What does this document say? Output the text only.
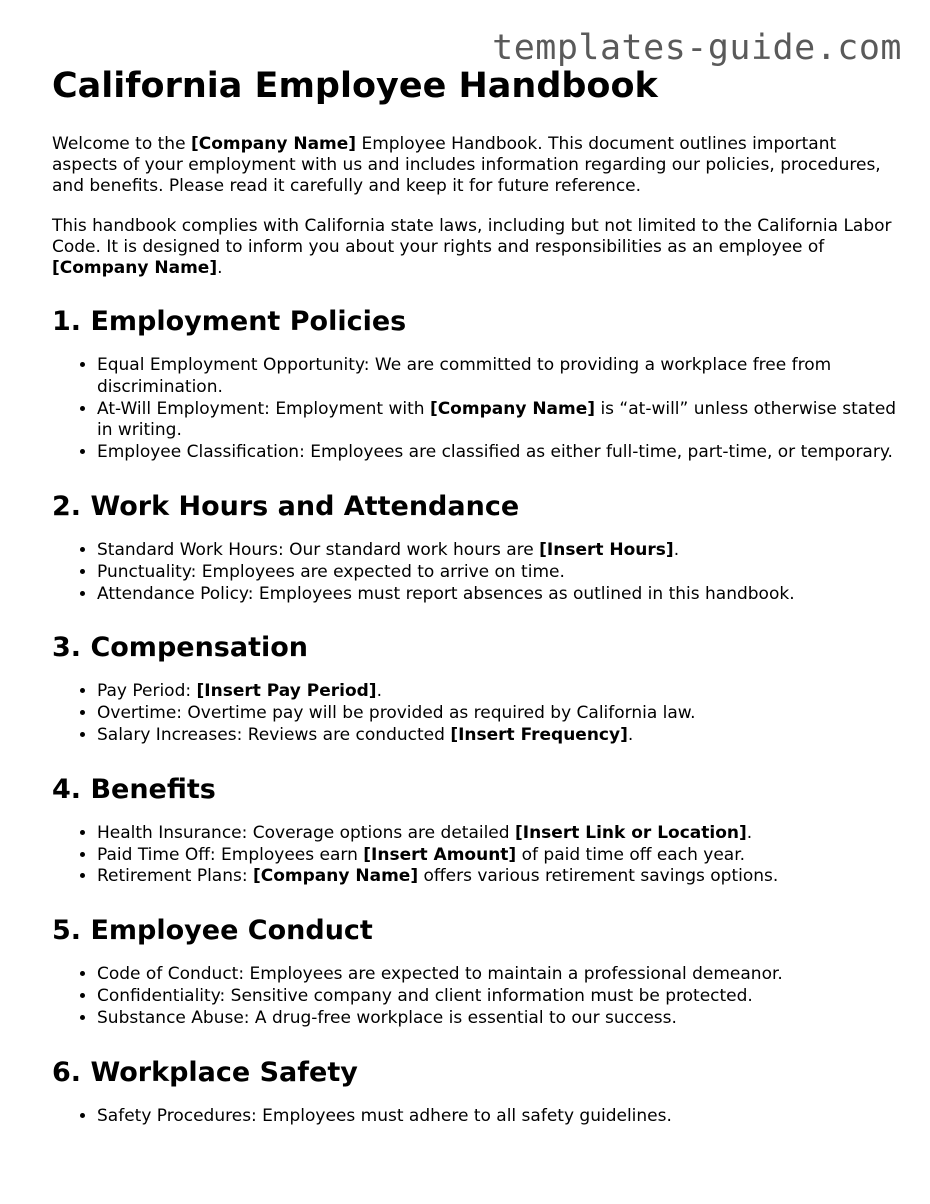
templates-guide.com
California Employee Handbook

Welcome to the [Company Name] Employee Handbook. This document outlines important aspects of your employment with us and includes information regarding our policies, procedures, and benefits. Please read it carefully and keep it for future reference.

This handbook complies with California state laws, including but not limited to the California Labor Code. It is designed to inform you about your rights and responsibilities as an employee of [Company Name].

1. Employment Policies
• Equal Employment Opportunity: We are committed to providing a workplace free from discrimination.
• At-Will Employment: Employment with [Company Name] is “at-will” unless otherwise stated in writing.
• Employee Classification: Employees are classified as either full-time, part-time, or temporary.
2. Work Hours and Attendance
• Standard Work Hours: Our standard work hours are [Insert Hours].
• Punctuality: Employees are expected to arrive on time.
• Attendance Policy: Employees must report absences as outlined in this handbook.
3. Compensation
• Pay Period: [Insert Pay Period].
• Overtime: Overtime pay will be provided as required by California law.
• Salary Increases: Reviews are conducted [Insert Frequency].
4. Benefits
• Health Insurance: Coverage options are detailed [Insert Link or Location].
• Paid Time Off: Employees earn [Insert Amount] of paid time off each year.
• Retirement Plans: [Company Name] offers various retirement savings options.
5. Employee Conduct
• Code of Conduct: Employees are expected to maintain a professional demeanor.
• Confidentiality: Sensitive company and client information must be protected.
• Substance Abuse: A drug-free workplace is essential to our success.
6. Workplace Safety
• Safety Procedures: Employees must adhere to all safety guidelines.
